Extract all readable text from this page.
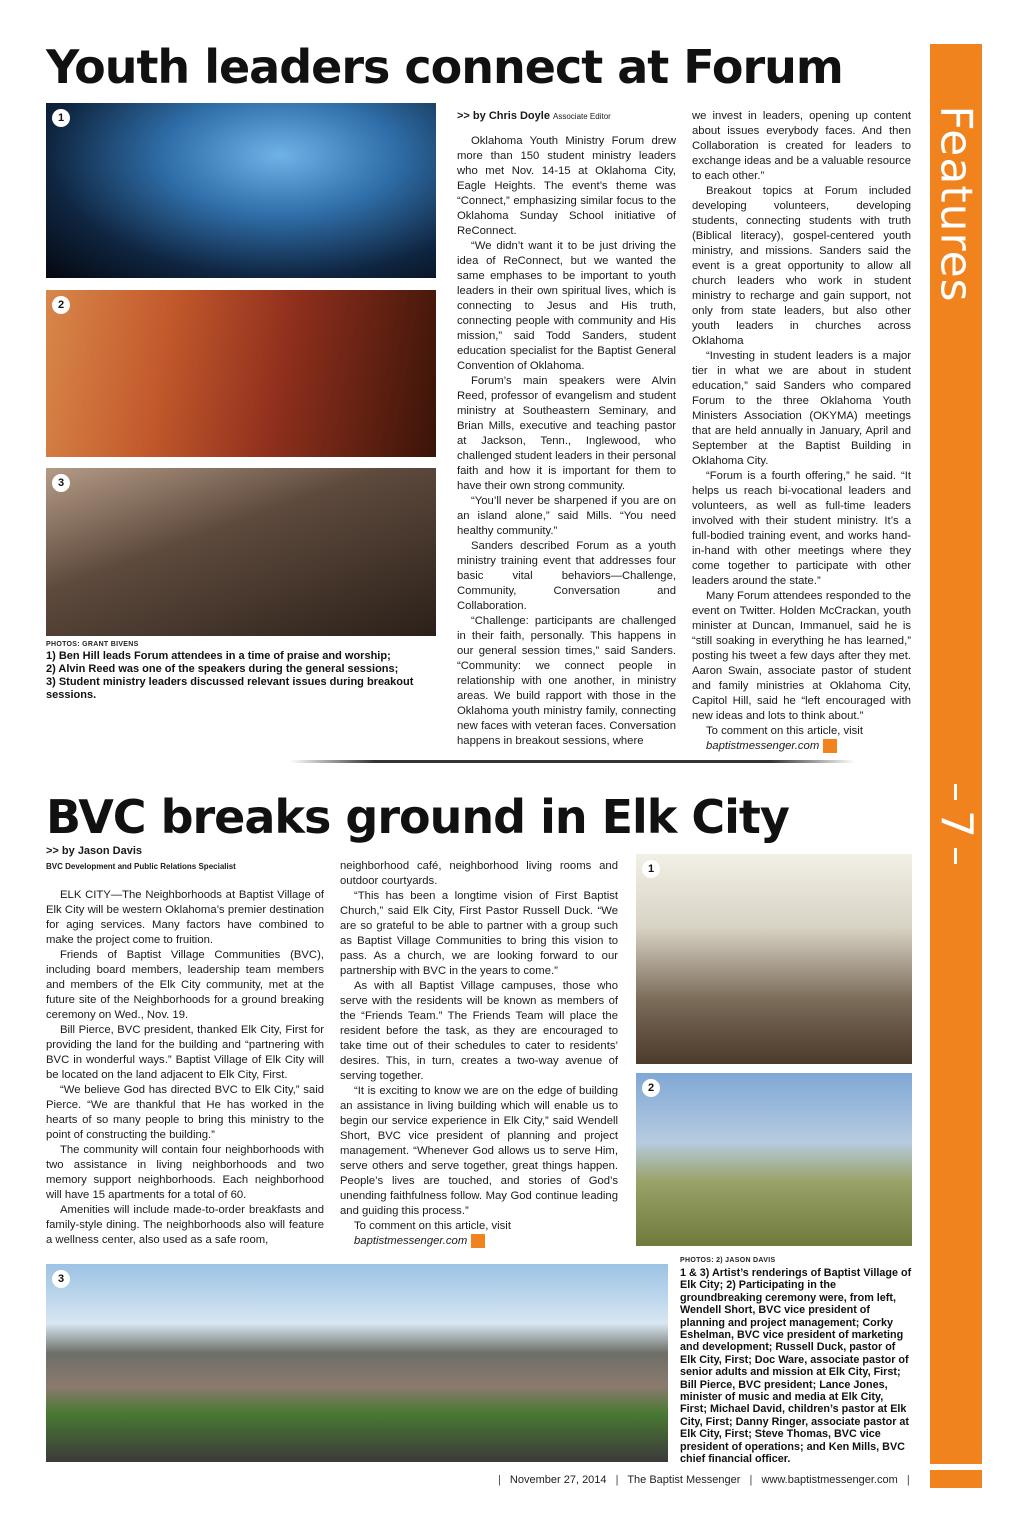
Features
7
Youth leaders connect at Forum
1
2
3
PHOTOS: GRANT BIVENS
1) Ben Hill leads Forum attendees in a time of praise and worship;
2) Alvin Reed was one of the speakers during the general sessions;
3) Student ministry leaders discussed relevant issues during breakout sessions.

>> by Chris Doyle Associate Editor

Oklahoma Youth Ministry Forum drew more than 150 student ministry leaders who met Nov. 14-15 at Oklahoma City, Eagle Heights. The event’s theme was “Connect,” emphasizing similar focus to the Oklahoma Sunday School initiative of ReConnect.

“We didn’t want it to be just driving the idea of ReConnect, but we wanted the same emphases to be important to youth leaders in their own spiritual lives, which is connecting to Jesus and His truth, connecting people with community and His mission,” said Todd Sanders, student education specialist for the Baptist General Convention of Oklahoma.

Forum’s main speakers were Alvin Reed, professor of evangelism and student ministry at Southeastern Seminary, and Brian Mills, executive and teaching pastor at Jackson, Tenn., Inglewood, who challenged student leaders in their personal faith and how it is important for them to have their own strong community.

“You’ll never be sharpened if you are on an island alone,” said Mills. “You need healthy community.”

Sanders described Forum as a youth ministry training event that addresses four basic vital behaviors—Challenge, Community, Conversation and Collaboration.

“Challenge: participants are challenged in their faith, personally. This happens in our general session times,” said Sanders. “Community: we connect people in relationship with one another, in ministry areas. We build rapport with those in the Oklahoma youth ministry family, connecting new faces with veteran faces. Conversation happens in breakout sessions, where

we invest in leaders, opening up content about issues everybody faces. And then Collaboration is created for leaders to exchange ideas and be a valuable resource to each other.”

Breakout topics at Forum included developing volunteers, developing students, connecting students with truth (Biblical literacy), gospel-centered youth ministry, and missions. Sanders said the event is a great opportunity to allow all church leaders who work in student ministry to recharge and gain support, not only from state leaders, but also other youth leaders in churches across Oklahoma

“Investing in student leaders is a major tier in what we are about in student education,” said Sanders who compared Forum to the three Oklahoma Youth Ministers Association (OKYMA) meetings that are held annually in January, April and September at the Baptist Building in Oklahoma City.

“Forum is a fourth offering,” he said. “It helps us reach bi-vocational leaders and volunteers, as well as full-time leaders involved with their student ministry. It’s a full-bodied training event, and works hand-in-hand with other meetings where they come together to participate with other leaders around the state.”

Many Forum attendees responded to the event on Twitter. Holden McCrackan, youth minister at Duncan, Immanuel, said he is “still soaking in everything he has learned,” posting his tweet a few days after they met. Aaron Swain, associate pastor of student and family ministries at Oklahoma City, Capitol Hill, said he “left encouraged with new ideas and lots to think about.”

To comment on this article, visit

baptistmessenger.com m

BVC breaks ground in Elk City

>> by Jason Davis
BVC Development and Public Relations Specialist

ELK CITY—The Neighborhoods at Baptist Village of Elk City will be western Oklahoma’s premier destination for aging services. Many factors have combined to make the project come to fruition.

Friends of Baptist Village Communities (BVC), including board members, leadership team members and members of the Elk City community, met at the future site of the Neighborhoods for a ground breaking ceremony on Wed., Nov. 19.

Bill Pierce, BVC president, thanked Elk City, First for providing the land for the building and “partnering with BVC in wonderful ways.” Baptist Village of Elk City will be located on the land adjacent to Elk City, First.

“We believe God has directed BVC to Elk City,” said Pierce. “We are thankful that He has worked in the hearts of so many people to bring this ministry to the point of constructing the building.”

The community will contain four neighborhoods with two assistance in living neighborhoods and two memory support neighborhoods. Each neighborhood will have 15 apartments for a total of 60.

Amenities will include made-to-order breakfasts and family-style dining. The neighborhoods also will feature a wellness center, also used as a safe room,

neighborhood café, neighborhood living rooms and outdoor courtyards.

“This has been a longtime vision of First Baptist Church,” said Elk City, First Pastor Russell Duck. “We are so grateful to be able to partner with a group such as Baptist Village Communities to bring this vision to pass. As a church, we are looking forward to our partnership with BVC in the years to come.”

As with all Baptist Village campuses, those who serve with the residents will be known as members of the “Friends Team.” The Friends Team will place the resident before the task, as they are encouraged to take time out of their schedules to cater to residents’ desires. This, in turn, creates a two-way avenue of serving together.

“It is exciting to know we are on the edge of building an assistance in living building which will enable us to begin our service experience in Elk City,” said Wendell Short, BVC vice president of planning and project management. “Whenever God allows us to serve Him, serve others and serve together, great things happen. People’s lives are touched, and stories of God’s unending faithfulness follow. May God continue leading and guiding this process.”

To comment on this article, visit

baptistmessenger.com m

1
2
3
PHOTOS: 2) JASON DAVIS
1 & 3) Artist’s renderings of Baptist Village of Elk City; 2) Participating in the groundbreaking ceremony were, from left, Wendell Short, BVC vice president of planning and project management; Corky Eshelman, BVC vice president of marketing and development; Russell Duck, pastor of Elk City, First; Doc Ware, associate pastor of senior adults and mission at Elk City, First; Bill Pierce, BVC president; Lance Jones, minister of music and media at Elk City, First; Michael David, children’s pastor at Elk City, First; Danny Ringer, associate pastor at Elk City, First; Steve Thomas, BVC vice president of operations; and Ken Mills, BVC chief financial officer.
| November 27, 2014 | The Baptist Messenger | www.baptistmessenger.com |
